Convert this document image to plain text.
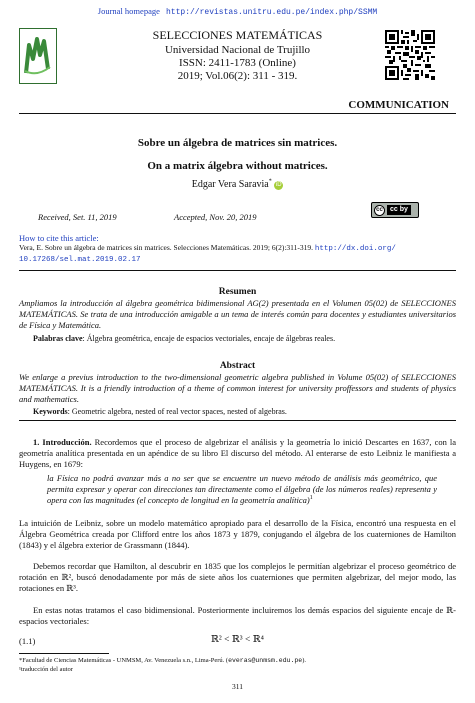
Journal homepage http://revistas.unitru.edu.pe/index.php/SSMM
SELECCIONES MATEMÁTICAS
Universidad Nacional de Trujillo
ISSN: 2411-1783 (Online)
2019; Vol.06(2): 311 - 319.
COMMUNICATION
Sobre un álgebra de matrices sin matrices.
On a matrix álgebra without matrices.
Edgar Vera Saravia* iD
Received, Set. 11, 2019	Accepted, Nov. 20, 2019
cc	cc by
How to cite this article:
Vera, E. Sobre un álgebra de matrices sin matrices. Selecciones Matemáticas. 2019; 6(2):311-319. http://dx.doi.org/
10.17268/sel.mat.2019.02.17
Resumen
Ampliamos la introducción al álgebra geométrica bidimensional AG(2) presentada en el Volumen 05(02) de SELECCIONES MATEMÁTICAS. Se trata de una introducción amigable a un tema de interés común para docentes y estudiantes universitarios de Física y Matemática.
Palabras clave: Álgebra geométrica, encaje de espacios vectoriales, encaje de álgebras reales.
Abstract
We enlarge a previus introduction to the two-dimensional geometric algebra published in Volume 05(02) of SELECCIONES MATEMÁTICAS. It is a friendly introduction of a theme of common interest for university proffessors and students of physics and mathematics.
Keywords: Geometric algebra, nested of real vector spaces, nested of algebras.
1. Introducción. Recordemos que el proceso de algebrizar el análisis y la geometría lo inició Descartes en 1637, con la geometría analítica presentada en un apéndice de su libro El discurso del método. Al enterarse de esto Leibniz le manifiesta a Huygens, en 1679:
la Física no podrá avanzar más a no ser que se encuentre un nuevo método de análisis más geométrico, que permita expresar y operar con direcciones tan directamente como el álgebra (de los números reales) representa y opera con las magnitudes (el concepto de longitud en la geometría analítica)$^1$
La intuición de Leibniz, sobre un modelo matemático apropiado para el desarrollo de la Física, encontró una respuesta en el Álgebra Geométrica creada por Clifford entre los años 1873 y 1879, conjugando el álgebra de los cuaterniones de Hamilton (1843) y el álgebra exterior de Grassmann (1844).
Debemos recordar que Hamilton, al descubrir en 1835 que los complejos le permitían algebrizar el proceso geométrico de rotación en ℝ², buscó denodadamente por más de siete años los cuaterniones que permiten algebrizar, del mejor modo, las rotaciones en ℝ³.
En estas notas tratamos el caso bidimensional. Posteriormente incluiremos los demás espacios del siguiente encaje de ℝ-espacios vectoriales:
(1.1)	ℝ² < ℝ³ < ℝ⁴
*Facultad de Ciencias Matemáticas - UNMSM, Av. Venezuela s.n., Lima-Perú. (everas@unmsm.edu.pe).
¹traducción del autor
311
